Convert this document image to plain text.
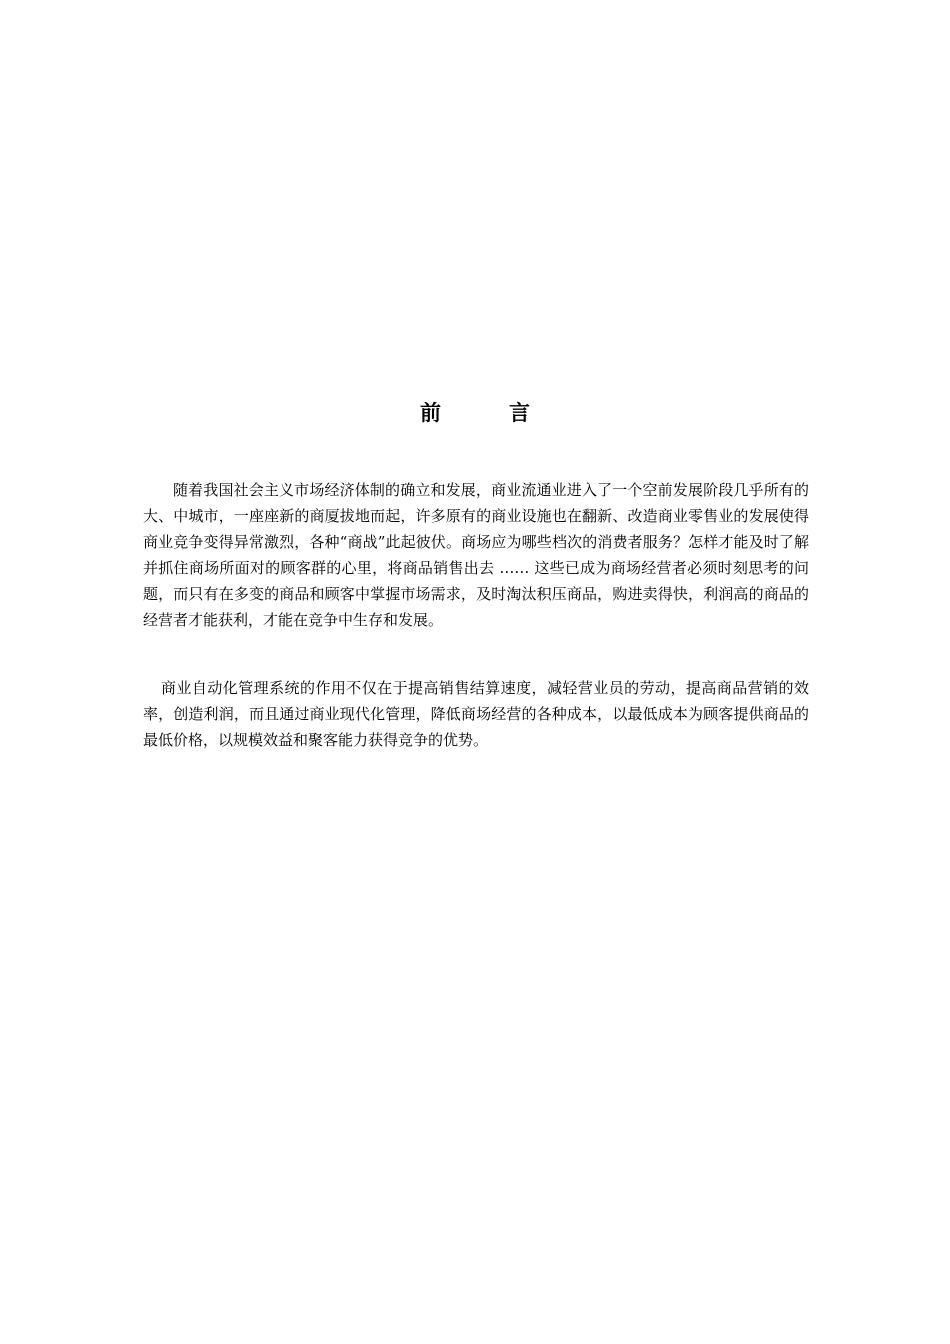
前	言

随着我国社会主义市场经济体制的确立和发展，商业流通业进入了一个空前发展阶段几乎所有的大、中城市，一座座新的商厦拔地而起，许多原有的商业设施也在翻新、改造商业零售业的发展使得商业竞争变得异常激烈，各种“商战”此起彼伏。商场应为哪些档次的消费者服务？怎样才能及时了解并抓住商场所面对的顾客群的心里，将商品销售出去 …… 这些已成为商场经营者必须时刻思考的问题，而只有在多变的商品和顾客中掌握市场需求，及时淘汰积压商品，购进卖得快，利润高的商品的经营者才能获利，才能在竞争中生存和发展。

商业自动化管理系统的作用不仅在于提高销售结算速度，减轻营业员的劳动，提高商品营销的效率，创造利润，而且通过商业现代化管理，降低商场经营的各种成本，以最低成本为顾客提供商品的最低价格，以规模效益和聚客能力获得竞争的优势。
